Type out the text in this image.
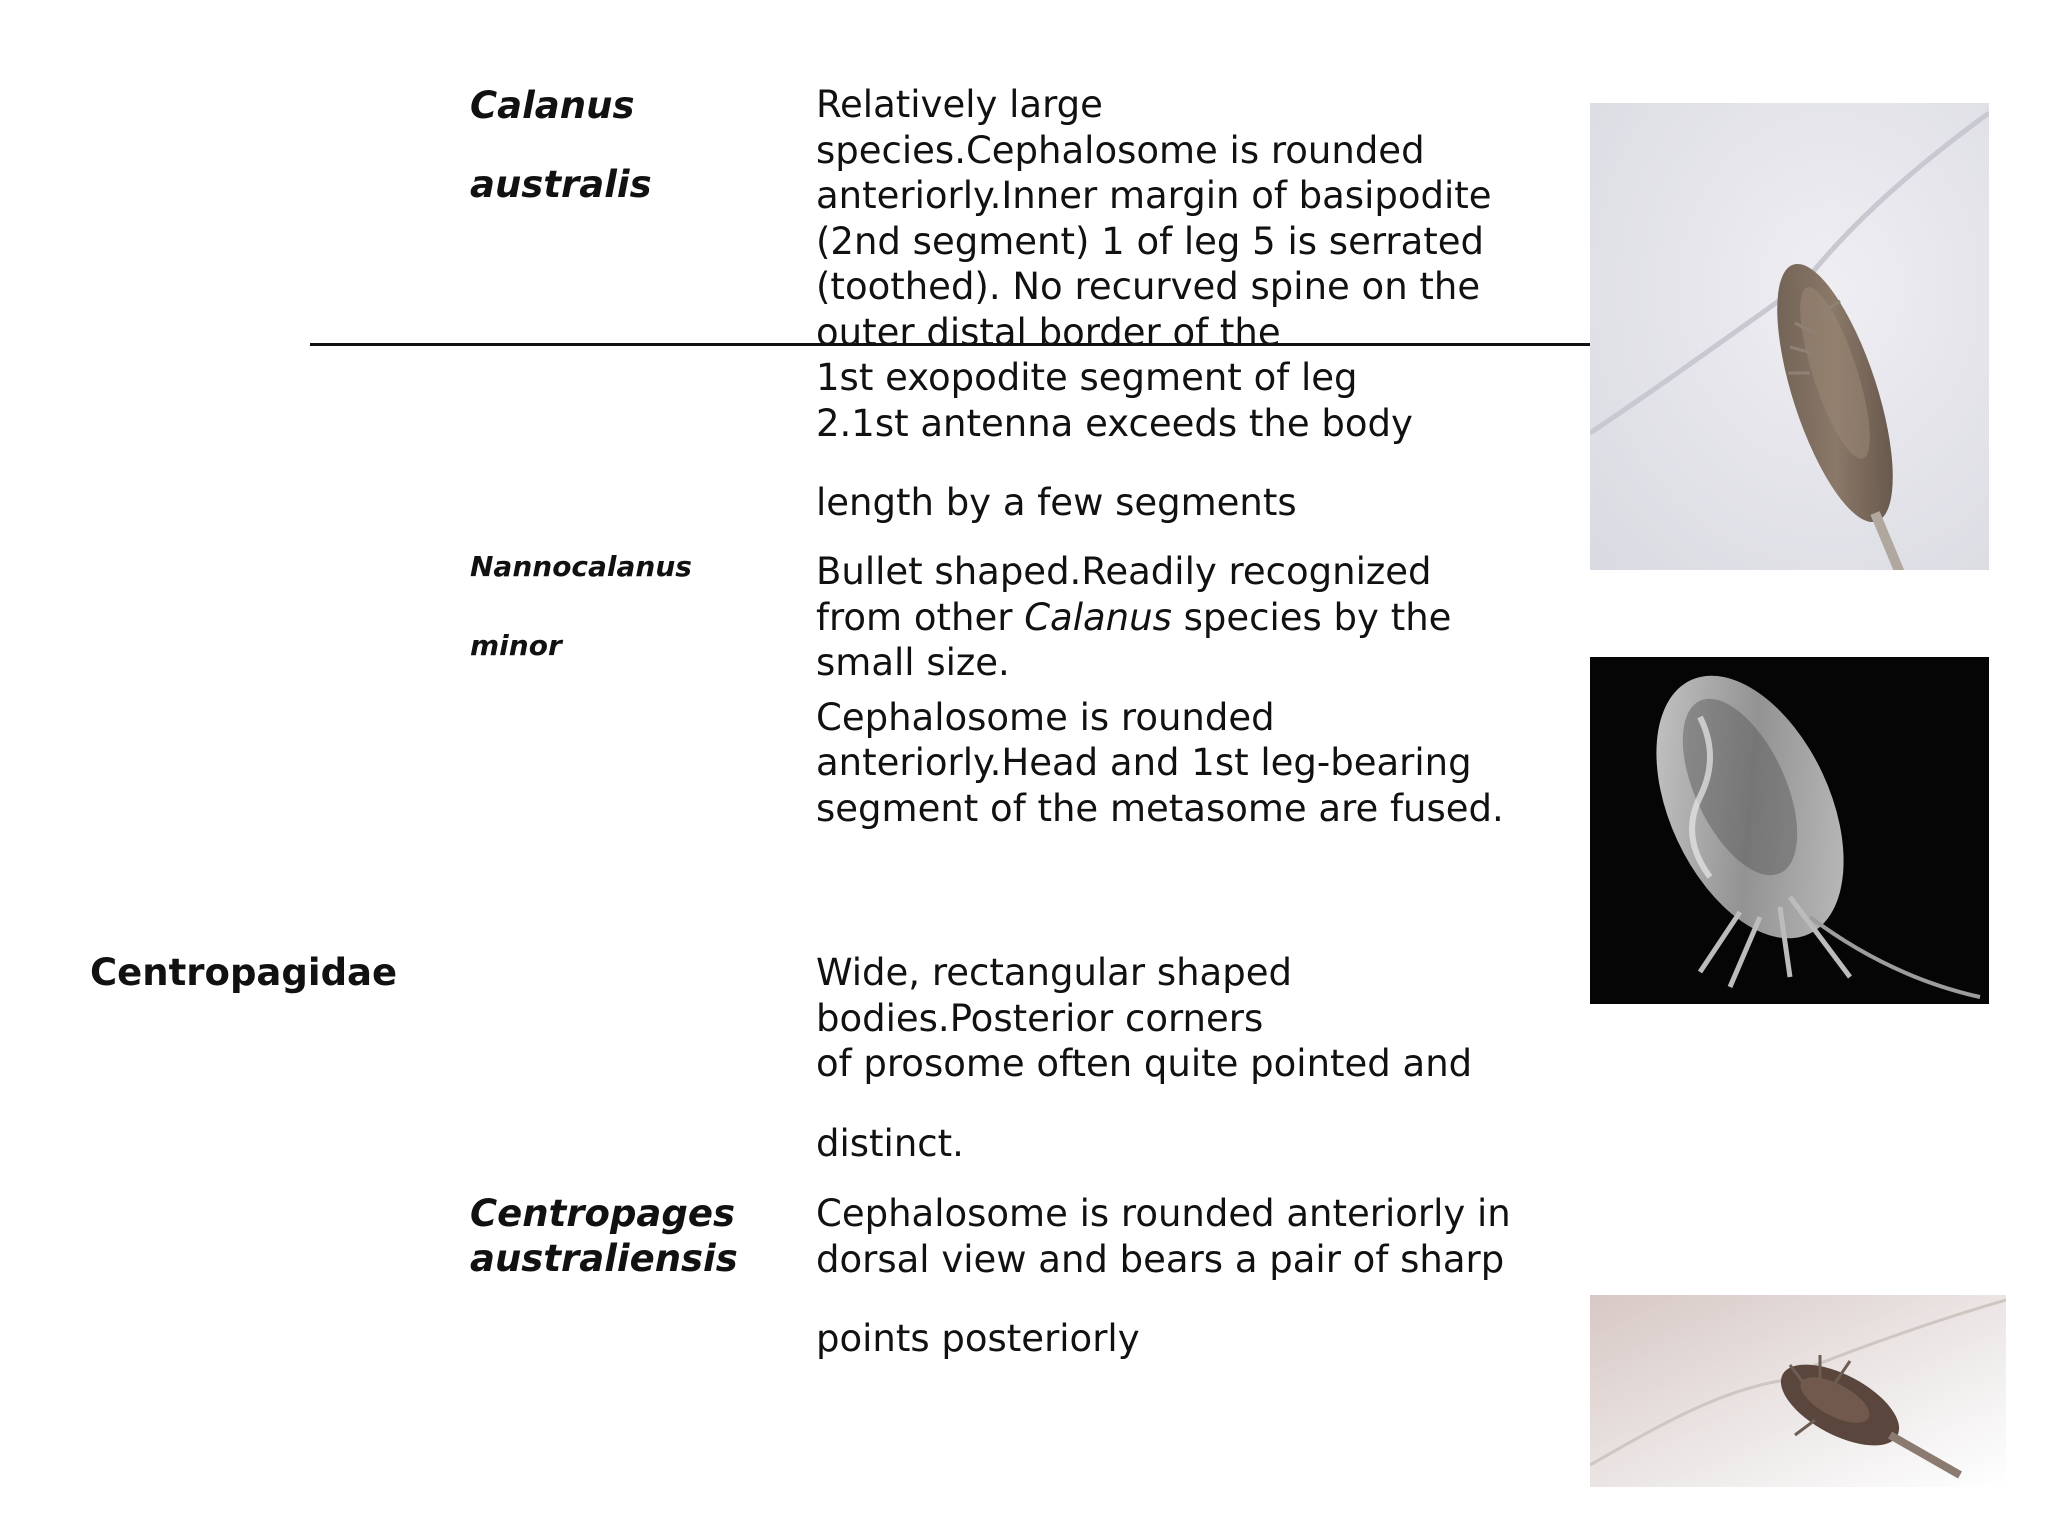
Calanus
australis
Relatively large
species.Cephalosome is rounded
anteriorly.Inner margin of basipodite
(2nd segment) 1 of leg 5 is serrated
(toothed). No recurved spine on the
outer distal border of the
1st exopodite segment of leg
2.1st antenna exceeds the body
length by a few segments
Nannocalanus
minor
Bullet shaped.Readily recognized
from other Calanus species by the
small size.
Cephalosome is rounded
anteriorly.Head and 1st leg-bearing
segment of the metasome are fused.
Centropagidae	Wide, rectangular shaped
bodies.Posterior corners
of prosome often quite pointed and
distinct.
Centropages
australiensis
Cephalosome is rounded anteriorly in
dorsal view and bears a pair of sharp
points posteriorly
